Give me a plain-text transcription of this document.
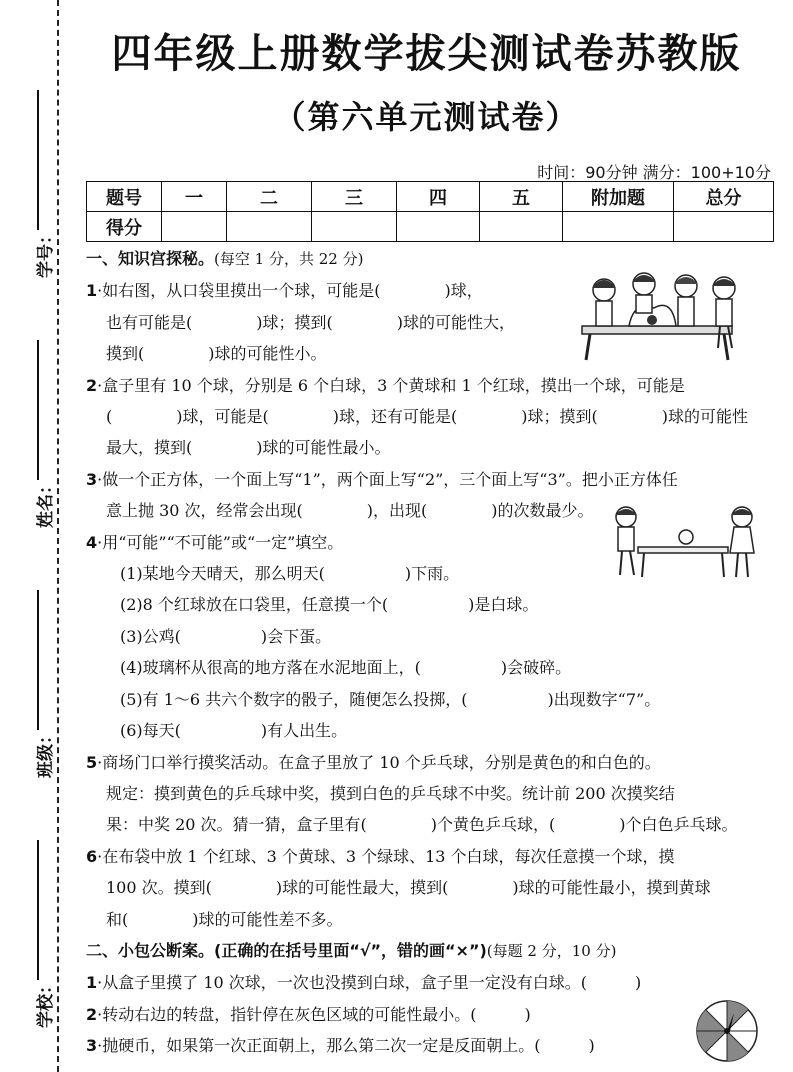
学号：
姓名：
班级：
学校：
四年级上册数学拔尖测试卷苏教版
（第六单元测试卷）
时间：90分钟 满分：100+10分
题号	一	二	三	四	五	附加题	总分
得分							
一、知识宫探秘。(每空 1 分，共 22 分)
1·如右图，从口袋里摸出一个球，可能是(　　　　)球，
也有可能是(　　　　)球；摸到(　　　　)球的可能性大，
摸到(　　　　)球的可能性小。
2·盒子里有 10 个球，分别是 6 个白球，3 个黄球和 1 个红球，摸出一个球，可能是
(　　　　)球，可能是(　　　　)球，还有可能是(　　　　)球；摸到(　　　　)球的可能性
最大，摸到(　　　　)球的可能性最小。
3·做一个正方体，一个面上写“1”，两个面上写“2”，三个面上写“3”。把小正方体任
意上抛 30 次，经常会出现(　　　　)，出现(　　　　)的次数最少。
4·用“可能”“不可能”或“一定”填空。
(1)某地今天晴天，那么明天(　　　　　)下雨。
(2)8 个红球放在口袋里，任意摸一个(　　　　　)是白球。
(3)公鸡(　　　　　)会下蛋。
(4)玻璃杯从很高的地方落在水泥地面上，(　　　　　)会破碎。
(5)有 1～6 共六个数字的骰子，随便怎么投掷，(　　　　　)出现数字“7”。
(6)每天(　　　　　)有人出生。
5·商场门口举行摸奖活动。在盒子里放了 10 个乒乓球，分别是黄色的和白色的。
规定：摸到黄色的乒乓球中奖，摸到白色的乒乓球不中奖。统计前 200 次摸奖结
果：中奖 20 次。猜一猜，盒子里有(　　　　)个黄色乒乓球，(　　　　)个白色乒乓球。
6·在布袋中放 1 个红球、3 个黄球、3 个绿球、13 个白球，每次任意摸一个球，摸
100 次。摸到(　　　　)球的可能性最大，摸到(　　　　)球的可能性最小，摸到黄球
和(　　　　)球的可能性差不多。
二、小包公断案。(正确的在括号里面“√”，错的画“×”)(每题 2 分，10 分)
1·从盒子里摸了 10 次球，一次也没摸到白球，盒子里一定没有白球。(　　　)
2·转动右边的转盘，指针停在灰色区域的可能性最小。(　　　)
3·抛硬币，如果第一次正面朝上，那么第二次一定是反面朝上。(　　　)
